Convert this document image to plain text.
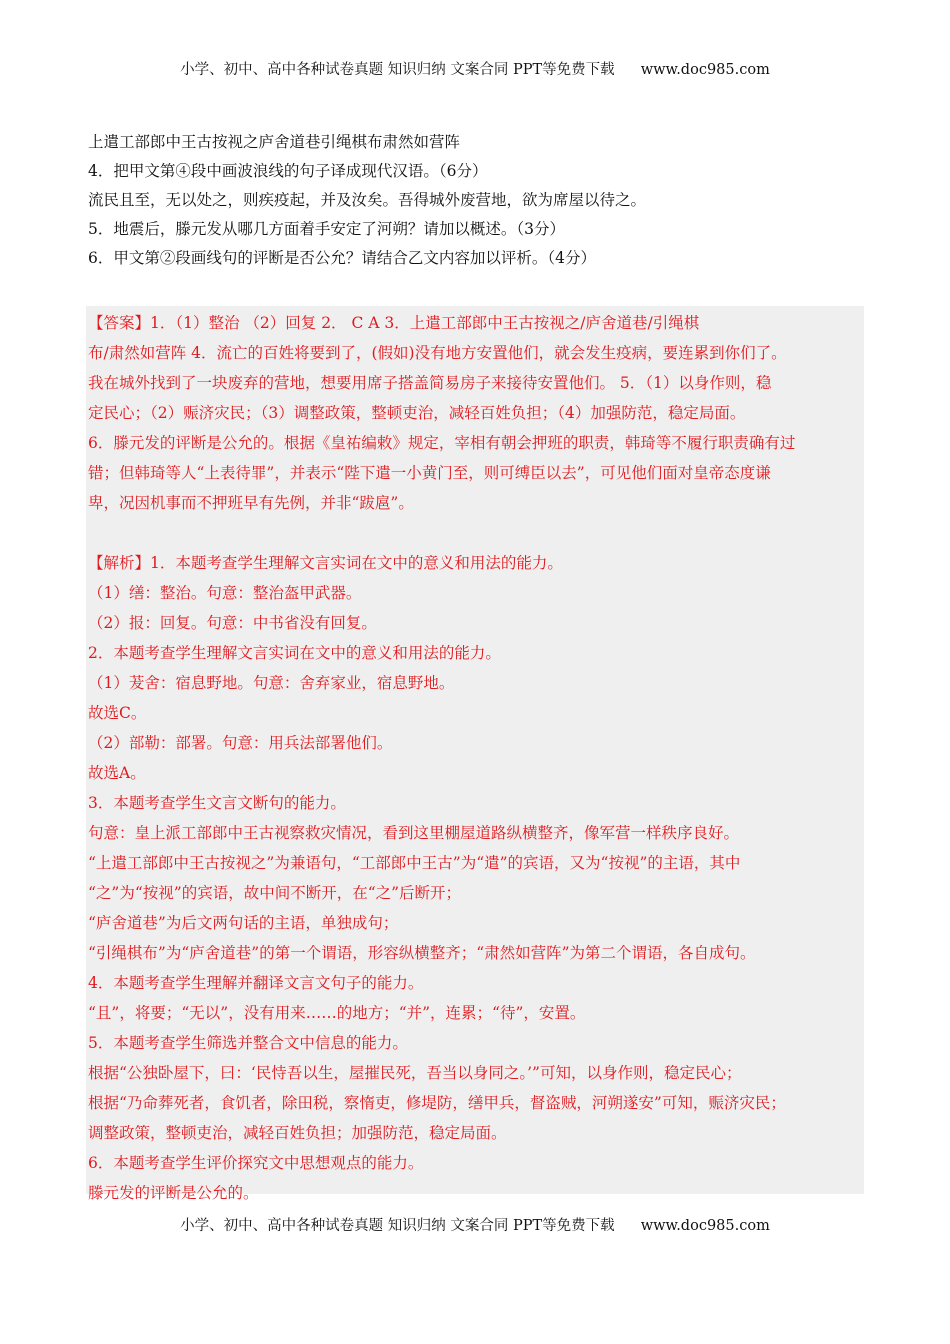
小学、初中、高中各种试卷真题 知识归纳 文案合同 PPT等免费下载 www.doc985.com
上遣工部郎中王古按视之庐舍道巷引绳棋布肃然如营阵
4．把甲文第④段中画波浪线的句子译成现代汉语。（6分）
流民且至，无以处之，则疾疫起，并及汝矣。吾得城外废营地，欲为席屋以待之。
5．地震后，滕元发从哪几方面着手安定了河朔？请加以概述。（3分）
6．甲文第②段画线句的评断是否公允？请结合乙文内容加以评析。（4分）
【答案】1．（1）整治 （2）回复 2． C A 3．上遣工部郎中王古按视之/庐舍道巷/引绳棋
布/肃然如营阵 4．流亡的百姓将要到了，(假如)没有地方安置他们，就会发生疫病，要连累到你们了。
我在城外找到了一块废弃的营地，想要用席子搭盖简易房子来接待安置他们。 5．（1）以身作则，稳
定民心；（2）赈济灾民；（3）调整政策，整顿吏治，减轻百姓负担；（4）加强防范，稳定局面。
6．滕元发的评断是公允的。根据《皇祐编敕》规定，宰相有朝会押班的职责，韩琦等不履行职责确有过
错；但韩琦等人“上表待罪”，并表示“陛下遣一小黄门至，则可缚臣以去”，可见他们面对皇帝态度谦
卑，况因机事而不押班早有先例，并非“跋扈”。
【解析】1．本题考查学生理解文言实词在文中的意义和用法的能力。
（1）缮：整治。句意：整治盔甲武器。
（2）报：回复。句意：中书省没有回复。
2．本题考查学生理解文言实词在文中的意义和用法的能力。
（1）茇舍：宿息野地。句意：舍弃家业，宿息野地。
故选C。
（2）部勒：部署。句意：用兵法部署他们。
故选A。
3．本题考查学生文言文断句的能力。
句意：皇上派工部郎中王古视察救灾情况，看到这里棚屋道路纵横整齐，像军营一样秩序良好。
“上遣工部郎中王古按视之”为兼语句，“工部郎中王古”为“遣”的宾语，又为“按视”的主语，其中
“之”为“按视”的宾语，故中间不断开，在“之”后断开；
“庐舍道巷”为后文两句话的主语，单独成句；
“引绳棋布”为“庐舍道巷”的第一个谓语，形容纵横整齐；“肃然如营阵”为第二个谓语，各自成句。
4．本题考查学生理解并翻译文言文句子的能力。
“且”，将要；“无以”，没有用来……的地方；“并”，连累；“待”，安置。
5．本题考查学生筛选并整合文中信息的能力。
根据“公独卧屋下，曰：‘民恃吾以生，屋摧民死，吾当以身同之。’”可知，以身作则，稳定民心；
根据“乃命葬死者，食饥者，除田税，察惰吏，修堤防，缮甲兵，督盗贼，河朔遂安”可知，赈济灾民；
调整政策，整顿吏治，减轻百姓负担；加强防范，稳定局面。
6．本题考查学生评价探究文中思想观点的能力。
滕元发的评断是公允的。
小学、初中、高中各种试卷真题 知识归纳 文案合同 PPT等免费下载 www.doc985.com
